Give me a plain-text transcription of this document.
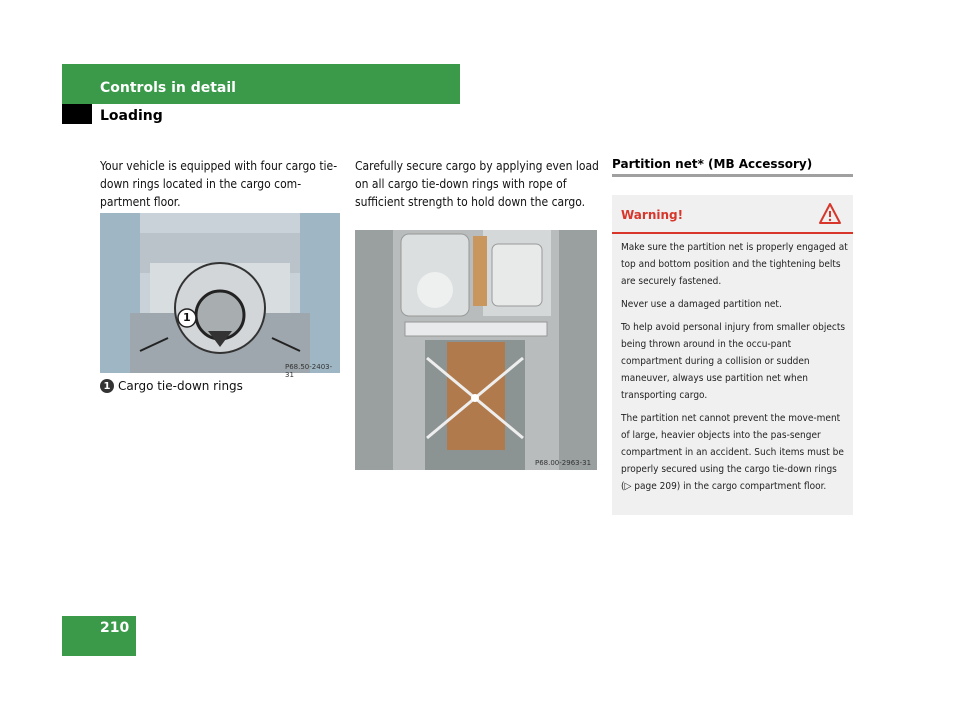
Controls in detail
Loading
Your vehicle is equipped with four cargo tie-down rings located in the cargo com-partment floor.
1
P68.50-2403-31
1 Cargo tie-down rings
Carefully secure cargo by applying even load on all cargo tie-down rings with rope of sufficient strength to hold down the cargo.
P68.00-2963-31
Partition net* (MB Accessory)
Warning!

Make sure the partition net is properly engaged at top and bottom position and the tightening belts are securely fastened.

Never use a damaged partition net.

To help avoid personal injury from smaller objects being thrown around in the occu-pant compartment during a collision or sudden maneuver, always use partition net when transporting cargo.

The partition net cannot prevent the move-ment of large, heavier objects into the pas-senger compartment in an accident. Such items must be properly secured using the cargo tie-down rings (▷ page 209) in the cargo compartment floor.

210
